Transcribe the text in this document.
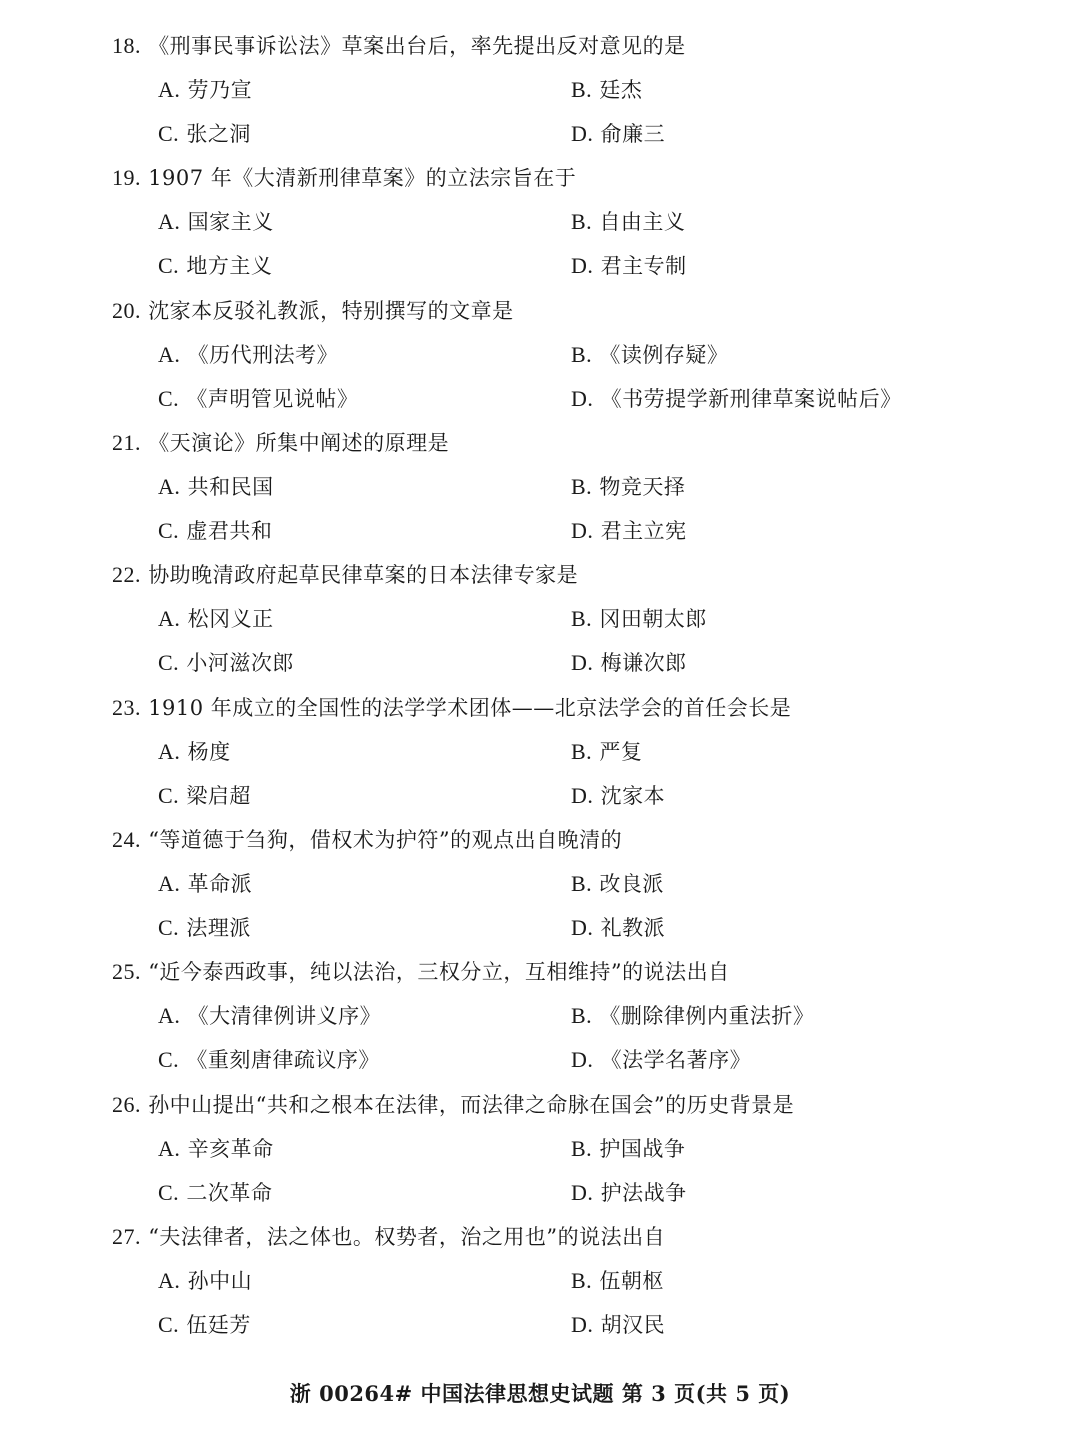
18. 《刑事民事诉讼法》草案出台后，率先提出反对意见的是
A. 劳乃宣	B. 廷杰
C. 张之洞	D. 俞廉三
19. 1907 年《大清新刑律草案》的立法宗旨在于
A. 国家主义	B. 自由主义
C. 地方主义	D. 君主专制
20. 沈家本反驳礼教派，特别撰写的文章是
A. 《历代刑法考》	B. 《读例存疑》
C. 《声明管见说帖》	D. 《书劳提学新刑律草案说帖后》
21. 《天演论》所集中阐述的原理是
A. 共和民国	B. 物竞天择
C. 虚君共和	D. 君主立宪
22. 协助晚清政府起草民律草案的日本法律专家是
A. 松冈义正	B. 冈田朝太郎
C. 小河滋次郎	D. 梅谦次郎
23. 1910 年成立的全国性的法学学术团体——北京法学会的首任会长是
A. 杨度	B. 严复
C. 梁启超	D. 沈家本
24. “等道德于刍狗，借权术为护符”的观点出自晚清的
A. 革命派	B. 改良派
C. 法理派	D. 礼教派
25. “近今泰西政事，纯以法治，三权分立，互相维持”的说法出自
A. 《大清律例讲义序》	B. 《删除律例内重法折》
C. 《重刻唐律疏议序》	D. 《法学名著序》
26. 孙中山提出“共和之根本在法律，而法律之命脉在国会”的历史背景是
A. 辛亥革命	B. 护国战争
C. 二次革命	D. 护法战争
27. “夫法律者，法之体也。权势者，治之用也”的说法出自
A. 孙中山	B. 伍朝枢
C. 伍廷芳	D. 胡汉民
浙 00264# 中国法律思想史试题 第 3 页(共 5 页)
